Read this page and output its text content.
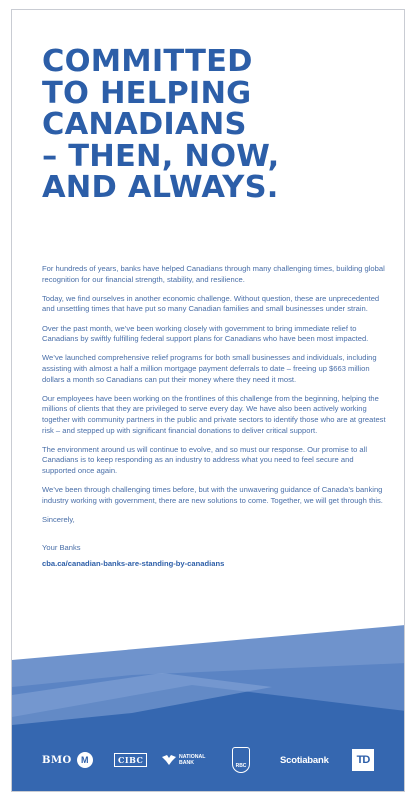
COMMITTED
TO HELPING
CANADIANS
– THEN, NOW,
AND ALWAYS.

For hundreds of years, banks have helped Canadians through many challenging times, building global recognition for our financial strength, stability, and resilience.

Today, we find ourselves in another economic challenge. Without question, these are unprecedented and unsettling times that have put so many Canadian families and small businesses under strain.

Over the past month, we’ve been working closely with government to bring immediate relief to Canadians by swiftly fulfilling federal support plans for Canadians who have been most impacted.

We’ve launched comprehensive relief programs for both small businesses and individuals, including assisting with almost a half a million mortgage payment deferrals to date – freeing up $663 million dollars a month so Canadians can put their money where they need it most.

Our employees have been working on the frontlines of this challenge from the beginning, helping the millions of clients that they are privileged to serve every day. We have also been actively working together with community partners in the public and private sectors to identify those who are at greatest risk – and stepped up with significant financial donations to deliver critical support.

The environment around us will continue to evolve, and so must our response. Our promise to all Canadians is to keep responding as an industry to address what you need to feel secure and supported once again.

We’ve been through challenging times before, but with the unwavering guidance of Canada’s banking industry working with government, there are new solutions to come. Together, we will get through this.

Sincerely,

Your Banks
cba.ca/canadian-banks-are-standing-by-canadians
BMO	M	CIBC	NATIONAL
BANK	RBC
Scotiabank	TD
